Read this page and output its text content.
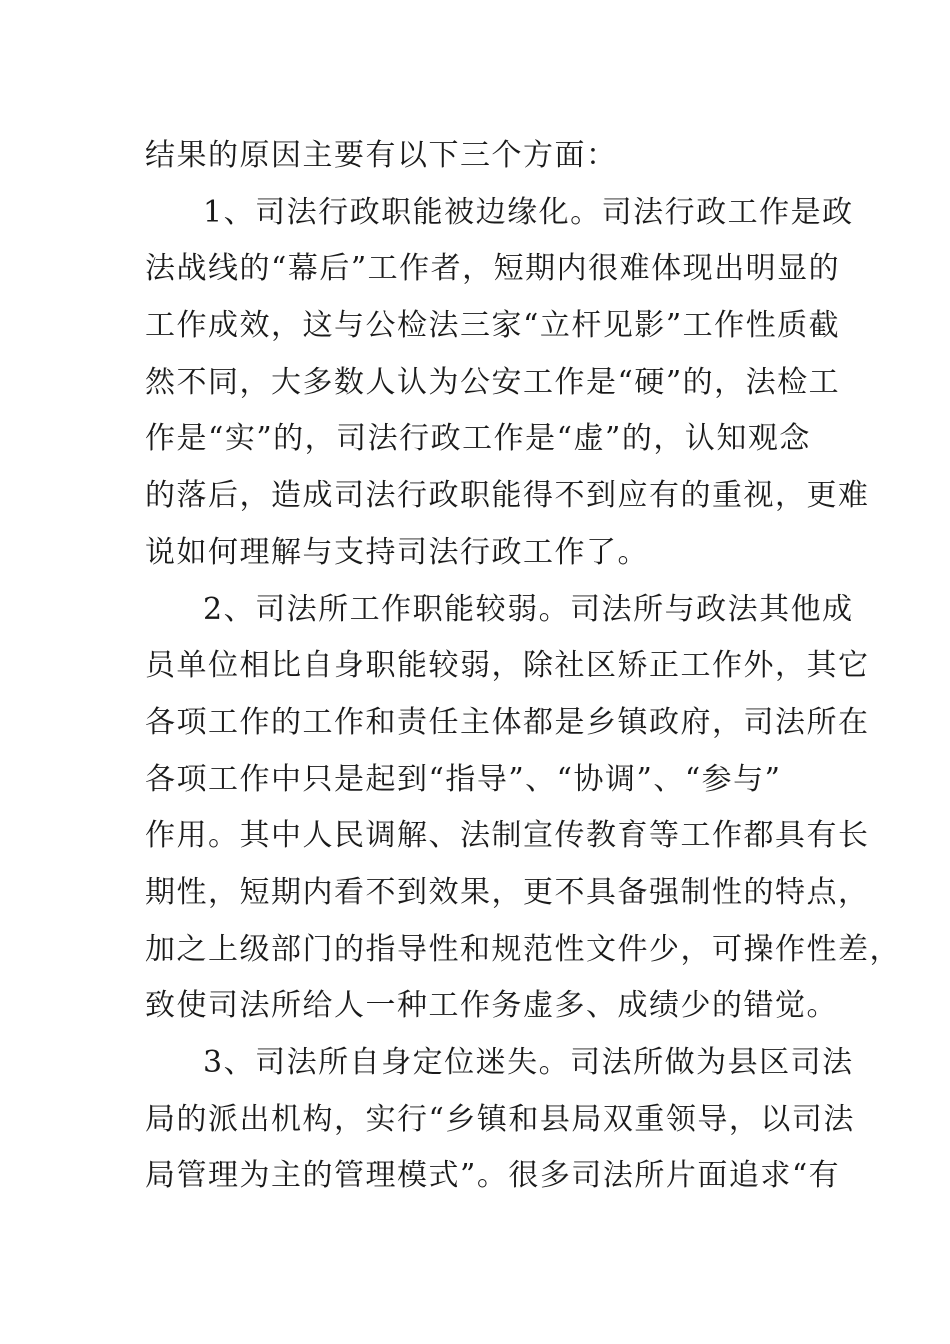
结果的原因主要有以下三个方面：
1、司法行政职能被边缘化。司法行政工作是政
法战线的“幕后”工作者，短期内很难体现出明显的
工作成效，这与公检法三家“立杆见影”工作性质截
然不同，大多数人认为公安工作是“硬”的，法检工
作是“实”的，司法行政工作是“虚”的，认知观念
的落后，造成司法行政职能得不到应有的重视，更难
说如何理解与支持司法行政工作了。
2、司法所工作职能较弱。司法所与政法其他成
员单位相比自身职能较弱，除社区矫正工作外，其它
各项工作的工作和责任主体都是乡镇政府，司法所在
各项工作中只是起到“指导”、“协调”、“参与”
作用。其中人民调解、法制宣传教育等工作都具有长
期性，短期内看不到效果，更不具备强制性的特点，
加之上级部门的指导性和规范性文件少，可操作性差，
致使司法所给人一种工作务虚多、成绩少的错觉。
3、司法所自身定位迷失。司法所做为县区司法
局的派出机构，实行“乡镇和县局双重领导，以司法
局管理为主的管理模式”。很多司法所片面追求“有
